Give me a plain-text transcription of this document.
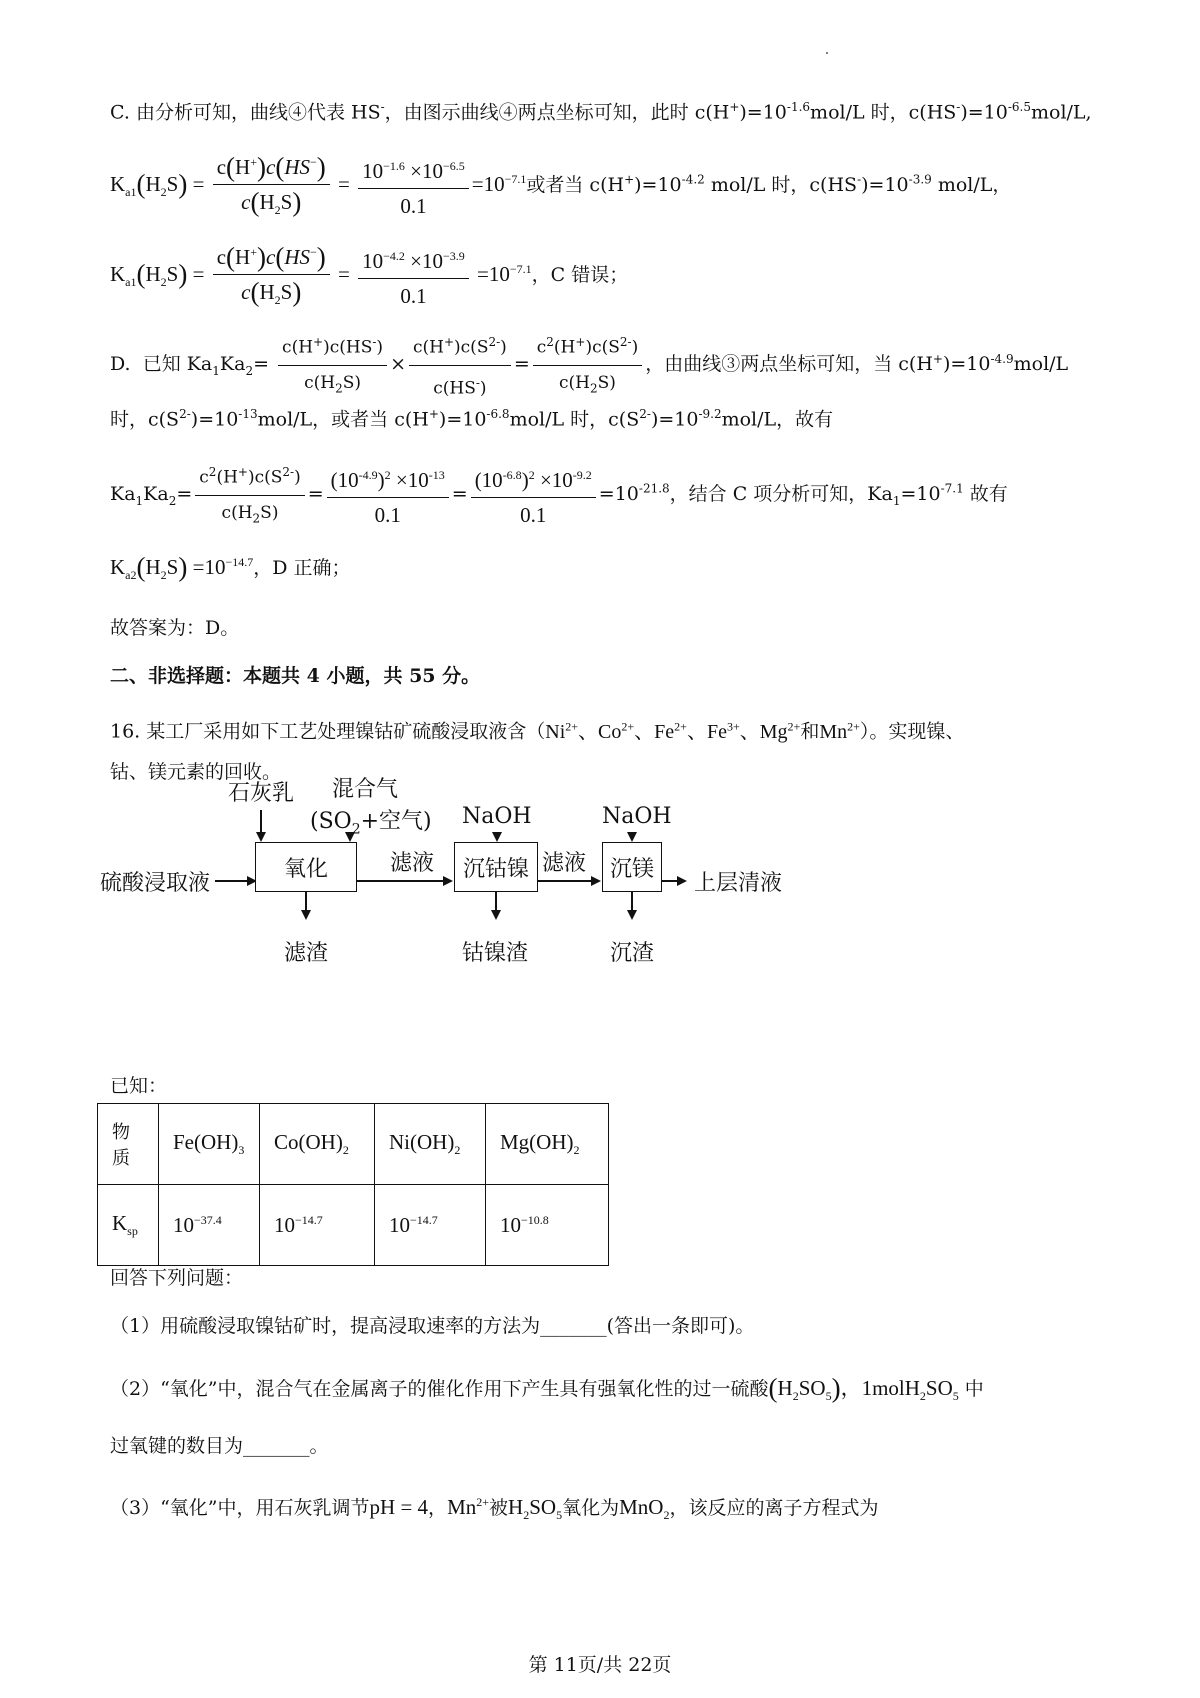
C. 由分析可知，曲线④代表 HS-，由图示曲线④两点坐标可知，此时 $c(H^+)=10^{-1.6}mol/L$ 时，$c(HS^-)=10^{-6.5}mol/L$,
$K_{a1}(H_2S) = \frac{c(H^+)c(HS^-)}{c(H_2S)} = \frac{10^{-1.6} \times 10^{-6.5}}{0.1} =10^{-7.1}$或者当 $c(H^+)=10^{-4.2}$ mol/L 时，$c(HS^-)=10^{-3.9}$ mol/L，
$K_{a1}(H_2S) = \frac{c(H^+)c(HS^-)}{c(H_2S)} = \frac{10^{-4.2} \times 10^{-3.9}}{0.1} =10^{-7.1}$，C 错误；
D. 已知 $Ka_1Ka_2= \frac{c(H^+)c(HS^-)}{c(H_2S)} \times \frac{c(H^+)c(S^{2-})}{c(HS^-)} = \frac{c^2(H^+)c(S^{2-})}{c(H_2S)}$ ，由曲线③两点坐标可知，当 $c(H^+)=10^{-4.9}mol/L$
时，$c(S^{2-})=10^{-13}mol/L$，或者当 $c(H^+)=10^{-6.8}mol/L$ 时，$c(S^{2-})=10^{-9.2}mol/L$，故有
$Ka_1Ka_2= \frac{c^2(H^+)c(S^{2-})}{c(H_2S)} = \frac{(10^{-4.9})^2 \times 10^{-13}}{0.1} = \frac{(10^{-6.8})^2 \times 10^{-9.2}}{0.1} =10^{-21.8}$，结合 C 项分析可知，$Ka_1=10^{-7.1}$ 故有
$K_{a2}(H_2S) =10^{-14.7}$，D 正确；
故答案为：D。
二、非选择题：本题共 4 小题，共 55 分。
16. 某工厂采用如下工艺处理镍钴矿硫酸浸取液含（$Ni^{2+}$、$Co^{2+}$、$Fe^{2+}$、$Fe^{3+}$、$Mg^{2+}$和$Mn^{2+}$）。实现镍、
钴、镁元素的回收。
硫酸浸取液
石灰乳 混合气
($SO_2+$空气)
氧化
滤渣
滤液
NaOH
沉钴镍
钴镍渣
滤液
NaOH
沉镁
沉渣
上层清液
已知：
物质	$Fe(OH)_3$	$Co(OH)_2$	$Ni(OH)_2$	$Mg(OH)_2$
$K_{sp}$	$10^{-37.4}$	$10^{-14.7}$	$10^{-14.7}$	$10^{-10.8}$
回答下列问题：
（1）用硫酸浸取镍钴矿时，提高浸取速率的方法为_______(答出一条即可)。
（2）“氧化”中，混合气在金属离子的催化作用下产生具有强氧化性的过一硫酸$(H_2SO_5)$，$1molH_2SO_5$ 中
过氧键的数目为_______。
（3）“氧化”中，用石灰乳调节pH = 4，$Mn^{2+}$被$H_2SO_5$氧化为MnO$_2$，该反应的离子方程式为
第 11页/共 22页
